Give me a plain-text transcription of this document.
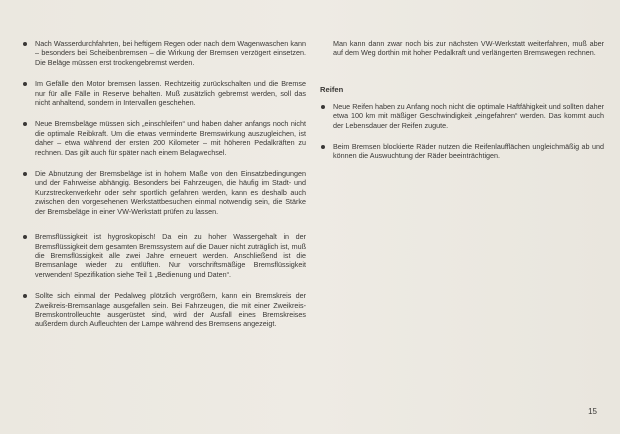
Nach Wasserdurchfahrten, bei heftigem Regen oder nach dem Wagenwaschen kann – besonders bei Scheibenbremsen – die Wirkung der Bremsen verzögert einsetzen. Die Beläge müssen erst trockengebremst werden.
Im Gefälle den Motor bremsen lassen. Rechtzeitig zurückschalten und die Bremse nur für alle Fälle in Reserve behalten. Muß zusätzlich gebremst werden, soll das nicht anhaltend, sondern in Intervallen geschehen.
Neue Bremsbeläge müssen sich „einschleifen“ und haben daher anfangs noch nicht die optimale Reibkraft. Um die etwas verminderte Bremswirkung auszugleichen, ist daher – etwa während der ersten 200 Kilometer – mit höheren Pedalkräften zu rechnen. Das gilt auch für später nach einem Belagwechsel.
Die Abnutzung der Bremsbeläge ist in hohem Maße von den Einsatzbedingungen und der Fahrweise abhängig. Besonders bei Fahrzeugen, die häufig im Stadt- und Kurzstreckenverkehr oder sehr sportlich gefahren werden, kann es deshalb auch zwischen den vorgesehenen Werkstattbesuchen einmal notwendig sein, die Stärke der Bremsbeläge in einer VW-Werkstatt prüfen zu lassen.
Bremsflüssigkeit ist hygroskopisch! Da ein zu hoher Wassergehalt in der Bremsflüssigkeit dem gesamten Bremssystem auf die Dauer nicht zuträglich ist, muß die Bremsflüssigkeit alle zwei Jahre erneuert werden. Anschließend ist die Bremsanlage wieder zu entlüften. Nur vorschriftsmäßige Bremsflüssigkeit verwenden! Spezifikation siehe Teil 1 „Bedienung und Daten“.
Sollte sich einmal der Pedalweg plötzlich vergrößern, kann ein Bremskreis der Zweikreis-Bremsanlage ausgefallen sein. Bei Fahrzeugen, die mit einer Zweikreis-Bremskontrolleuchte ausgerüstet sind, wird der Ausfall eines Bremskreises außerdem durch Aufleuchten der Lampe während des Bremsens angezeigt.

Man kann dann zwar noch bis zur nächsten VW-Werkstatt weiterfahren, muß aber auf dem Weg dorthin mit hoher Pedalkraft und verlängerten Bremswegen rechnen.

Reifen

Neue Reifen haben zu Anfang noch nicht die optimale Haftfähigkeit und sollten daher etwa 100 km mit mäßiger Geschwindigkeit „eingefahren“ werden. Das kommt auch der Lebensdauer der Reifen zugute.
Beim Bremsen blockierte Räder nutzen die Reifenlaufflächen ungleichmäßig ab und können die Auswuchtung der Räder beeinträchtigen.
15
